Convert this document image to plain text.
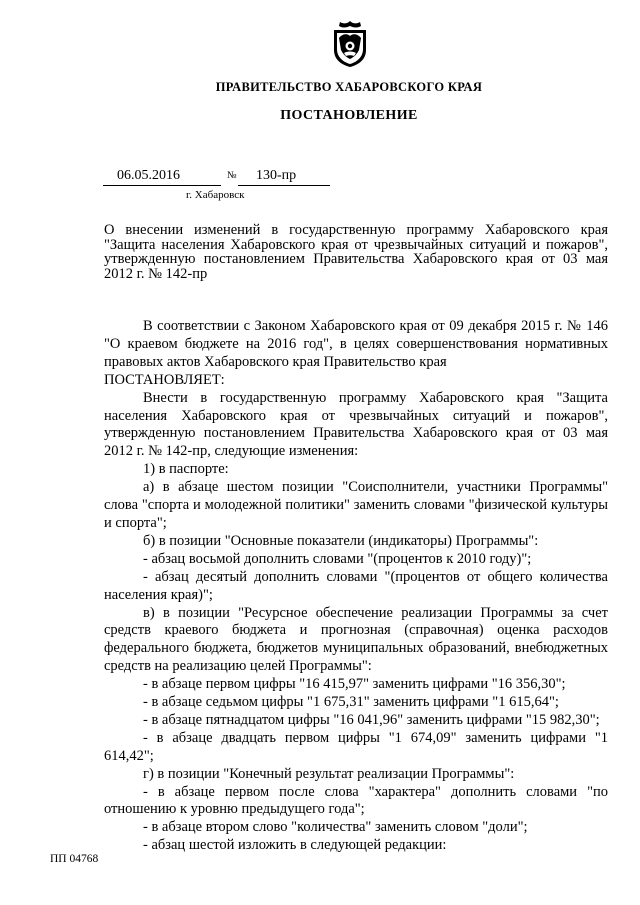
ПРАВИТЕЛЬСТВО ХАБАРОВСКОГО КРАЯ
ПОСТАНОВЛЕНИЕ
06.05.2016	№	130-пр
г. Хабаровск

О внесении изменений в государственную программу Хабаровского края "Защита населения Хабаровского края от чрезвычайных ситуаций и пожаров", утвержденную постановлением Правительства Хабаровского края от 03 мая 2012 г. № 142-пр

В соответствии с Законом Хабаровского края от 09 декабря 2015 г. № 146 "О краевом бюджете на 2016 год", в целях совершенствования нормативных правовых актов Хабаровского края Правительство края

ПОСТАНОВЛЯЕТ:

Внести в государственную программу Хабаровского края "Защита населения Хабаровского края от чрезвычайных ситуаций и пожаров", утвержденную постановлением Правительства Хабаровского края от 03 мая 2012 г. № 142-пр, следующие изменения:

1) в паспорте:

а) в абзаце шестом позиции "Соисполнители, участники Программы" слова "спорта и молодежной политики" заменить словами "физической культуры и спорта";

б) в позиции "Основные показатели (индикаторы) Программы":

- абзац восьмой дополнить словами "(процентов к 2010 году)";

- абзац десятый дополнить словами "(процентов от общего количества населения края)";

в) в позиции "Ресурсное обеспечение реализации Программы за счет средств краевого бюджета и прогнозная (справочная) оценка расходов федерального бюджета, бюджетов муниципальных образований, внебюджетных средств на реализацию целей Программы":

- в абзаце первом цифры "16 415,97" заменить цифрами "16 356,30";

- в абзаце седьмом цифры "1 675,31" заменить цифрами "1 615,64";

- в абзаце пятнадцатом цифры "16 041,96" заменить цифрами "15 982,30";

- в абзаце двадцать первом цифры "1 674,09" заменить цифрами "1 614,42";

г) в позиции "Конечный результат реализации Программы":

- в абзаце первом после слова "характера" дополнить словами "по отношению к уровню предыдущего года";

- в абзаце втором слово "количества" заменить словом "доли";

- абзац шестой изложить в следующей редакции:

ПП 04768
